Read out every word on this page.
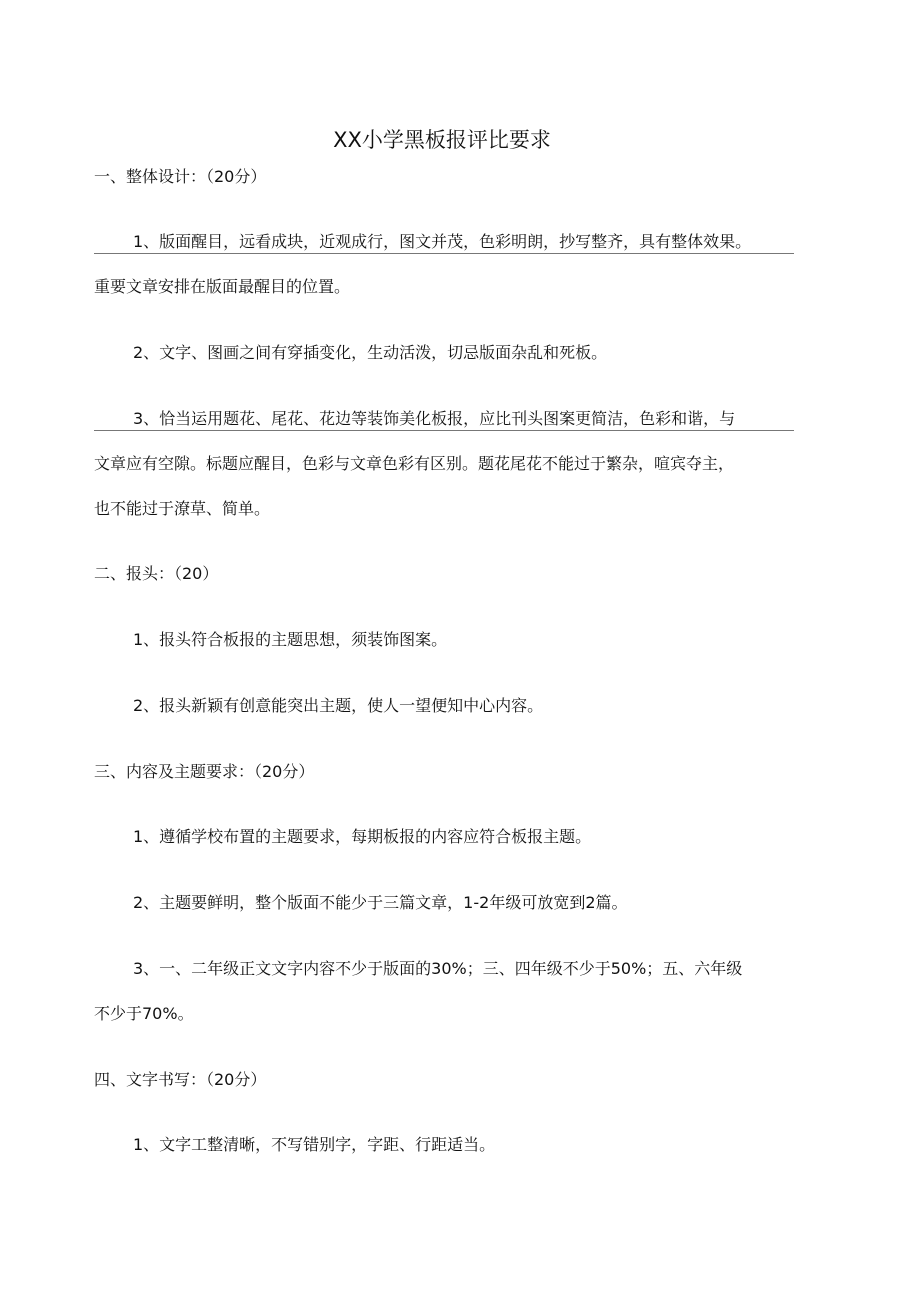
XX小学黑板报评比要求
一、整体设计：（20分）
1、版面醒目，远看成块，近观成行，图文并茂，色彩明朗，抄写整齐，具有整体效果。
重要文章安排在版面最醒目的位置。
2、文字、图画之间有穿插变化，生动活泼，切忌版面杂乱和死板。
3、恰当运用题花、尾花、花边等装饰美化板报，应比刊头图案更简洁，色彩和谐，与
文章应有空隙。标题应醒目，色彩与文章色彩有区别。题花尾花不能过于繁杂，喧宾夺主，
也不能过于潦草、简单。
二、报头：（20）
1、报头符合板报的主题思想，须装饰图案。
2、报头新颖有创意能突出主题，使人一望便知中心内容。
三、内容及主题要求：（20分）
1、遵循学校布置的主题要求，每期板报的内容应符合板报主题。
2、主题要鲜明，整个版面不能少于三篇文章，1-2年级可放宽到2篇。
3、一、二年级正文文字内容不少于版面的30%；三、四年级不少于50%；五、六年级
不少于70%。
四、文字书写：（20分）
1、文字工整清晰，不写错别字，字距、行距适当。
